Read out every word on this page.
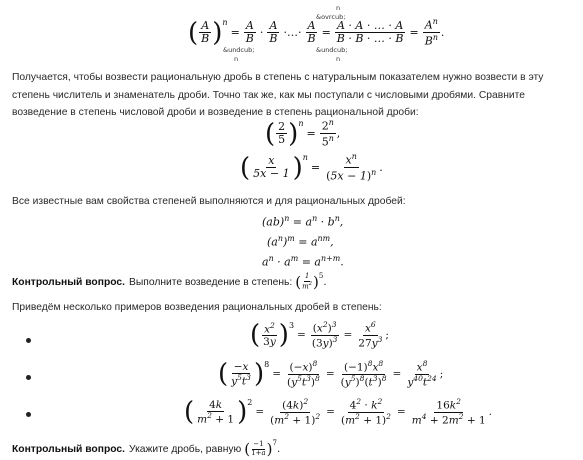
n
&ovrcub;
( $\frac{A}{B} )^n$
= $\frac{A}{B} \cdot \frac{A}{B}$ ·…· $\frac{A}{B} = \frac{A \cdot A \cdot \dots \cdot A}{B \cdot B \cdot \dots \cdot B} = \frac{A^n}{B^n}$ .
&undcub;
n
&undcub;
n
Получается, чтобы возвести рациональную дробь в степень с натуральным показателем нужно возвести в эту степень числитель и знаменатель дроби. Точно так же, как мы поступали с числовыми дробями. Сравните возведение в степень числовой дроби и возведение в степень рациональной дроби:
( $\frac{2}{5} )^n$
= $\frac{2^n}{5^n}$ ,
( $\frac{x}{5x - 1} )^n$
= $\frac{x^n}{(5x - 1)^n}$ .
Все известные вам свойства степеней выполняются и для рациональных дробей:
$(ab)^n = a^n \cdot b^n$,
$(a^n)^m = a^{nm}$,
$a^n \cdot a^m = a^{n+m}$.
Контрольный вопрос. Выполните возведение в степень: ( $\frac{1}{m^2} )^5$ .
Приведём несколько примеров возведения рациональных дробей в степень:
( $\frac{x^2}{3y} )^3$
= $\frac{(x^2)^3}{(3y)^3} = \frac{x^6}{27y^3}$ ;
( $\frac{-x}{y^5t^3} )^8$
= $\frac{(-x)^8}{(y^5t^3)^8} = \frac{(-1)^8x^8}{(y^5)^8(t^3)^8} = \frac{x^8}{y^{40}t^{24}}$ ;
( $\frac{4k}{m^2 + 1} )^2$
= $\frac{(4k)^2}{(m^2 + 1)^2} = \frac{4^2 \cdot k^2}{(m^2 + 1)^2} = \frac{16k^2}{m^4 + 2m^2 + 1}$ .
Контрольный вопрос. Укажите дробь, равную ( $\frac{-1}{1+a} )^7$ .
